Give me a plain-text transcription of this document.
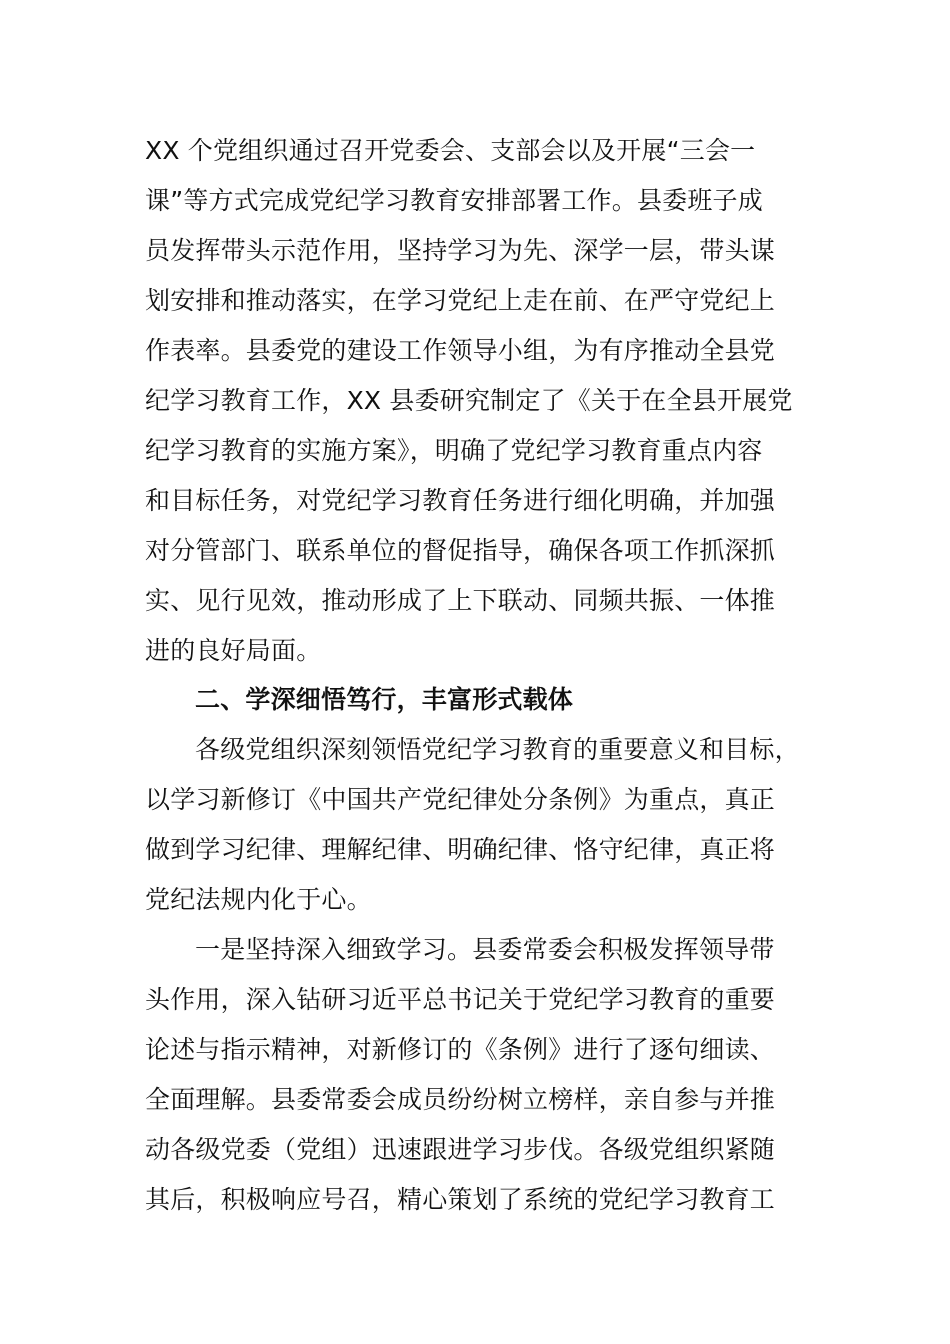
XX 个党组织通过召开党委会、支部会以及开展“三会一
课”等方式完成党纪学习教育安排部署工作。县委班子成
员发挥带头示范作用，坚持学习为先、深学一层，带头谋
划安排和推动落实，在学习党纪上走在前、在严守党纪上
作表率。县委党的建设工作领导小组，为有序推动全县党
纪学习教育工作，XX 县委研究制定了《关于在全县开展党
纪学习教育的实施方案》，明确了党纪学习教育重点内容
和目标任务，对党纪学习教育任务进行细化明确，并加强
对分管部门、联系单位的督促指导，确保各项工作抓深抓
实、见行见效，推动形成了上下联动、同频共振、一体推
进的良好局面。
二、学深细悟笃行，丰富形式载体
各级党组织深刻领悟党纪学习教育的重要意义和目标，
以学习新修订《中国共产党纪律处分条例》为重点，真正
做到学习纪律、理解纪律、明确纪律、恪守纪律，真正将
党纪法规内化于心。
一是坚持深入细致学习。县委常委会积极发挥领导带
头作用，深入钻研习近平总书记关于党纪学习教育的重要
论述与指示精神，对新修订的《条例》进行了逐句细读、
全面理解。县委常委会成员纷纷树立榜样，亲自参与并推
动各级党委（党组）迅速跟进学习步伐。各级党组织紧随
其后，积极响应号召，精心策划了系统的党纪学习教育工
